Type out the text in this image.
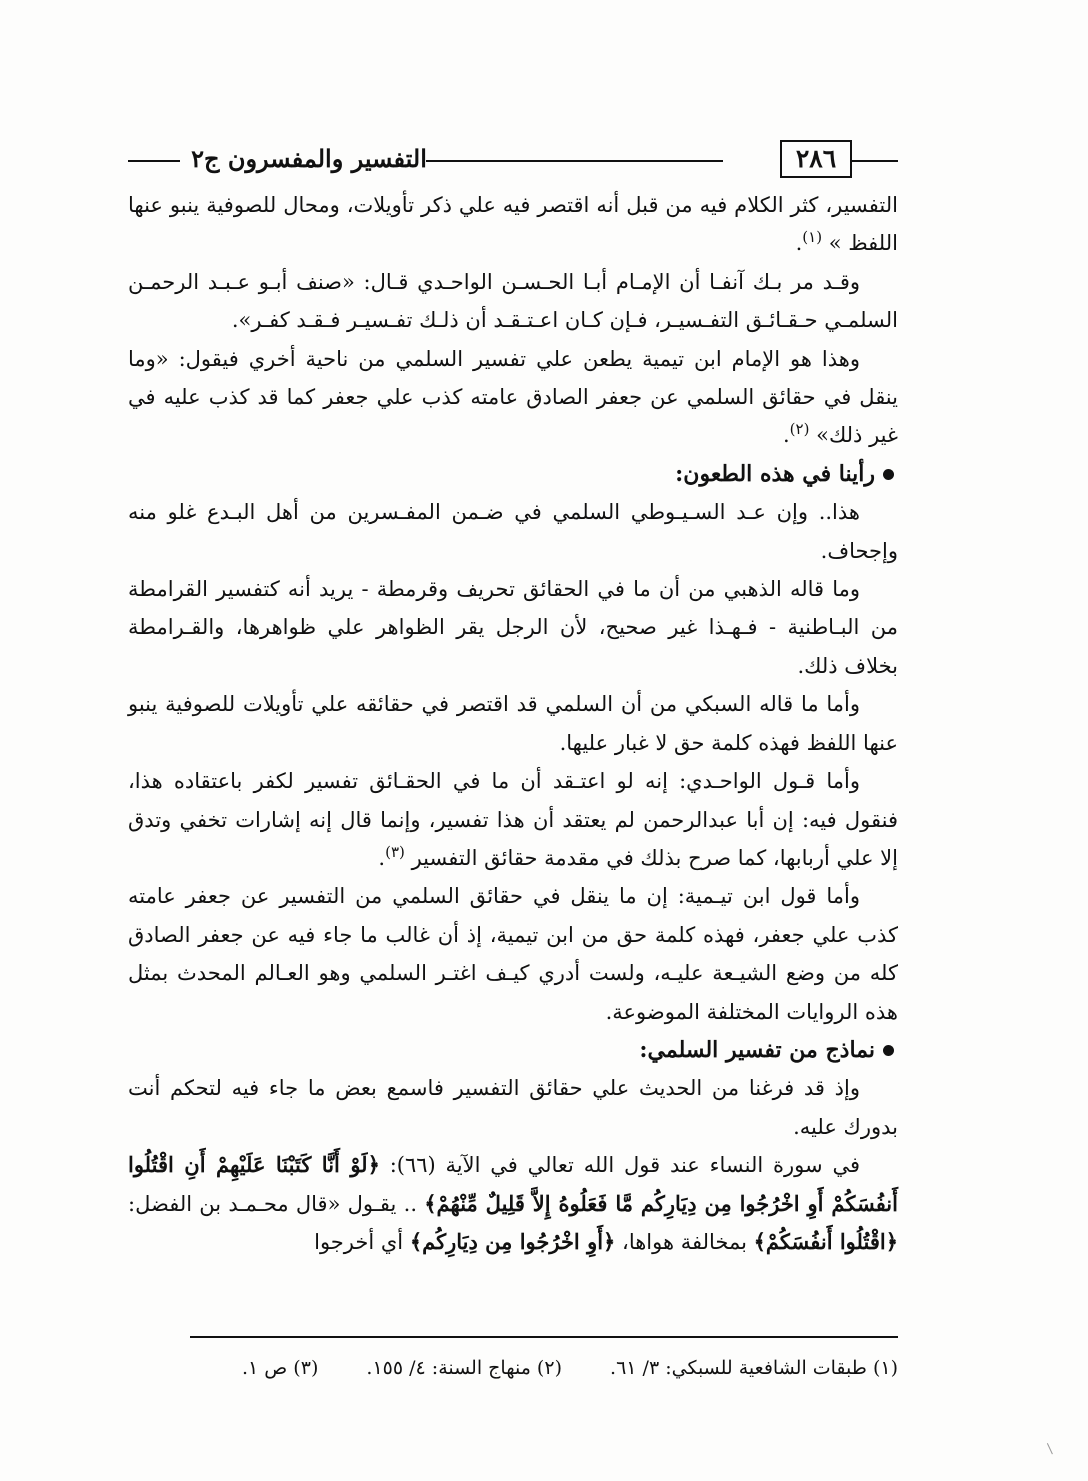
٢٨٦
التفسير والمفسرون ج٢

التفسير، كثر الكلام فيه من قبل أنه اقتصر فيه علي ذكر تأويلات، ومحال للصوفية ينبو عنها اللفظ » $^{(١)}$.

وقـد مر بـك آنفـا أن الإمـام أبـا الحـسـن الواحـدي قـال: «صنف أبـو عـبـد الرحمـن السلمـي حـقـائـق التفـسيـر، فـإن كـان اعـتـقـد أن ذلـك تفـسيـر فـقـد كفـر».

وهذا هو الإمام ابن تيمية يطعن علي تفسير السلمي من ناحية أخري فيقول: «وما ينقل في حقائق السلمي عن جعفر الصادق عامته كذب علي جعفر كما قد كذب عليه في غير ذلك» $^{(٢)}$.

رأينا في هذه الطعون:

هذا.. وإن عـد السـيـوطي السلمي في ضـمن المفـسرين من أهل البـدع غلو منه وإجحاف.

وما قاله الذهبي من أن ما في الحقائق تحريف وقرمطة - يريد أنه كتفسير القرامطة من البـاطنية - فـهـذا غير صحيح، لأن الرجل يقر الظواهر علي ظواهرها، والقـرامطة بخلاف ذلك.

وأما ما قاله السبكي من أن السلمي قد اقتصر في حقائقه علي تأويلات للصوفية ينبو عنها اللفظ فهذه كلمة حق لا غبار عليها.

وأما قـول الواحـدي: إنه لو اعتـقد أن ما في الحقـائق تفسير لكفر باعتقاده هذا، فنقول فيه: إن أبا عبدالرحمن لم يعتقد أن هذا تفسير، وإنما قال إنه إشارات تخفي وتدق إلا علي أربابها، كما صرح بذلك في مقدمة حقائق التفسير $^{(٣)}$.

وأما قول ابن تيـمية: إن ما ينقل في حقائق السلمي من التفسير عن جعفر عامته كذب علي جعفر، فهذه كلمة حق من ابن تيمية، إذ أن غالب ما جاء فيه عن جعفر الصادق كله من وضع الشيـعة عليـه، ولست أدري كيـف اغتـر السلمي وهو العـالم المحدث بمثل هذه الروايات المختلفة الموضوعة.

نماذج من تفسير السلمي:

وإذ قد فرغنا من الحديث علي حقائق التفسير فاسمع بعض ما جاء فيه لتحكم أنت بدورك عليه.

في سورة النساء عند قول الله تعالي في الآية (٦٦): ﴿لَوْ أَنَّا كَتَبْنَا عَلَيْهِمْ أَنِ اقْتُلُوا أَنفُسَكُمْ أَوِ اخْرُجُوا مِن دِيَارِكُم مَّا فَعَلُوهُ إِلاَّ قَلِيلٌ مِّنْهُمْ﴾ .. يقـول «قال محـمـد بن الفضل: ﴿اقْتُلُوا أَنفُسَكُمْ﴾ بمخالفة هواها، ﴿أَوِ اخْرُجُوا مِن دِيَارِكُم﴾ أي أخرجوا

(١) طبقات الشافعية للسبكي: ٣/ ٦١. (٢) منهاج السنة: ٤/ ١٥٥. (٣) ص ١.
